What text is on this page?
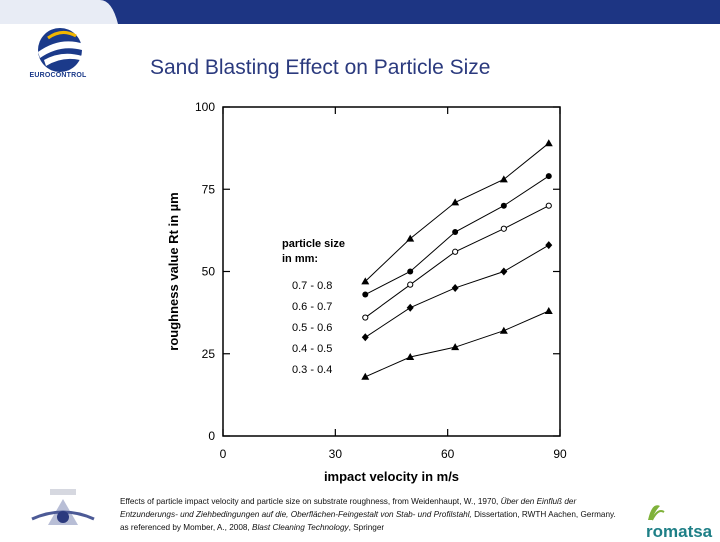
EUROCONTROL	Sand Blasting Effect on Particle Size
0	30	60	90
0
25
50
75
100
impact velocity in m/s
roughness value Rt in µm	particle size
in mm:
0.7 - 0.8
0.6 - 0.7
0.5 - 0.6
0.4 - 0.5
0.3 - 0.4
Effects of particle impact velocity and particle size on substrate roughness, from Weidenhaupt, W., 1970, Über den Einfluß der Entzunderungs- und Ziehbedingungen auf die, Oberflächen-Feingestalt von Stab- und Profilstahl, Dissertation, RWTH Aachen, Germany. as referenced by Momber, A., 2008, Blast Cleaning Technology, Springer	romatsa
